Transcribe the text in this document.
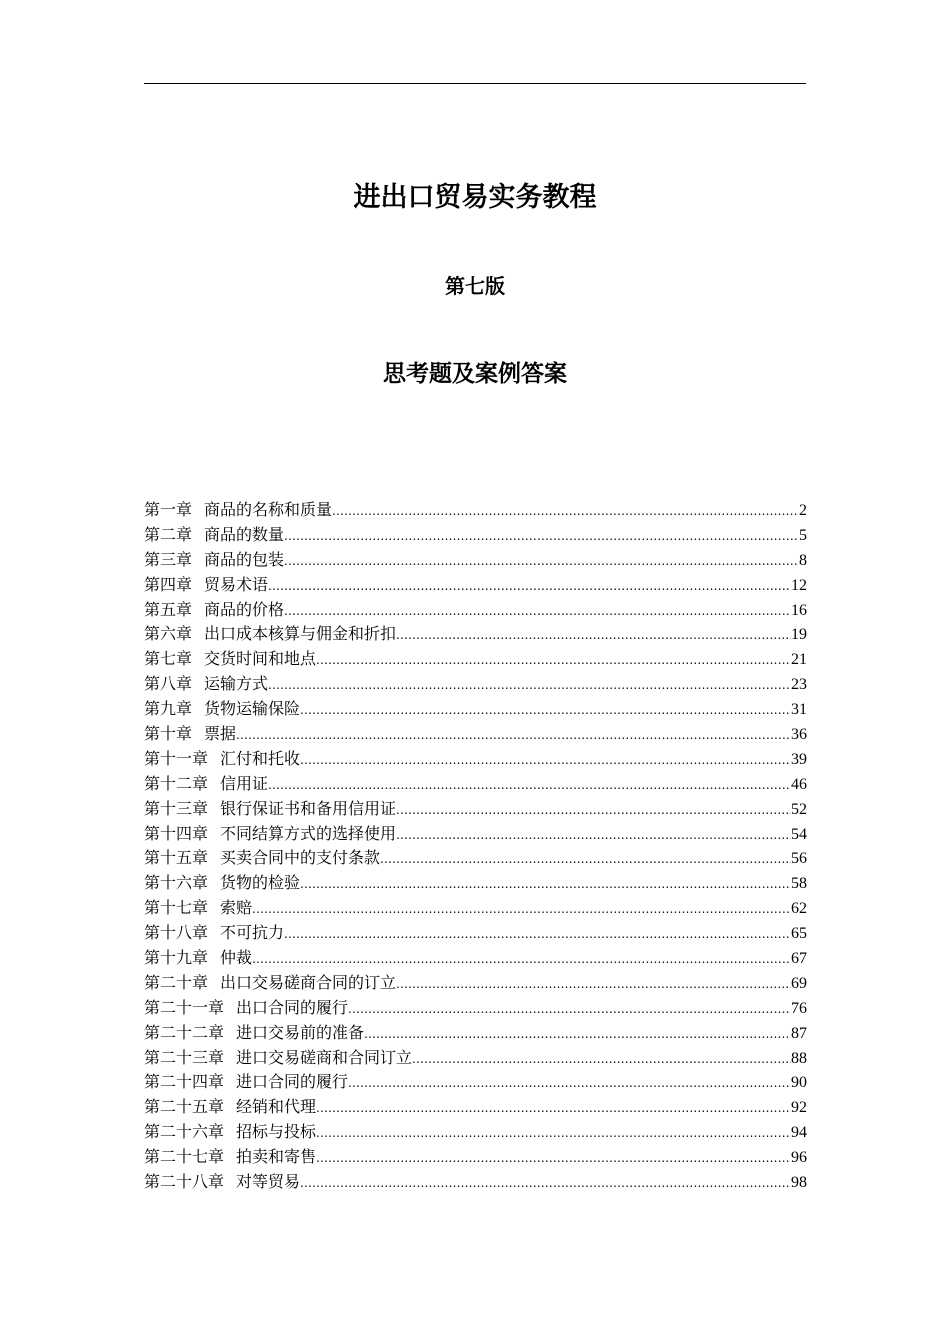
进出口贸易实务教程
第七版
思考题及案例答案
第一章 商品的名称和质量 .....	2
第二章 商品的数量 .....	5
第三章 商品的包装 .....	8
第四章 贸易术语 .....	12
第五章 商品的价格 .....	16
第六章 出口成本核算与佣金和折扣 .....	19
第七章 交货时间和地点 .....	21
第八章 运输方式 .....	23
第九章 货物运输保险 .....	31
第十章 票据 .....	36
第十一章 汇付和托收 .....	39
第十二章 信用证 .....	46
第十三章 银行保证书和备用信用证 .....	52
第十四章 不同结算方式的选择使用 .....	54
第十五章 买卖合同中的支付条款 .....	56
第十六章 货物的检验 .....	58
第十七章 索赔 .....	62
第十八章 不可抗力 .....	65
第十九章 仲裁 .....	67
第二十章 出口交易磋商合同的订立 .....	69
第二十一章 出口合同的履行 .....	76
第二十二章 进口交易前的准备 .....	87
第二十三章 进口交易磋商和合同订立 .....	88
第二十四章 进口合同的履行 .....	90
第二十五章 经销和代理 .....	92
第二十六章 招标与投标 .....	94
第二十七章 拍卖和寄售 .....	96
第二十八章 对等贸易 .....	98
